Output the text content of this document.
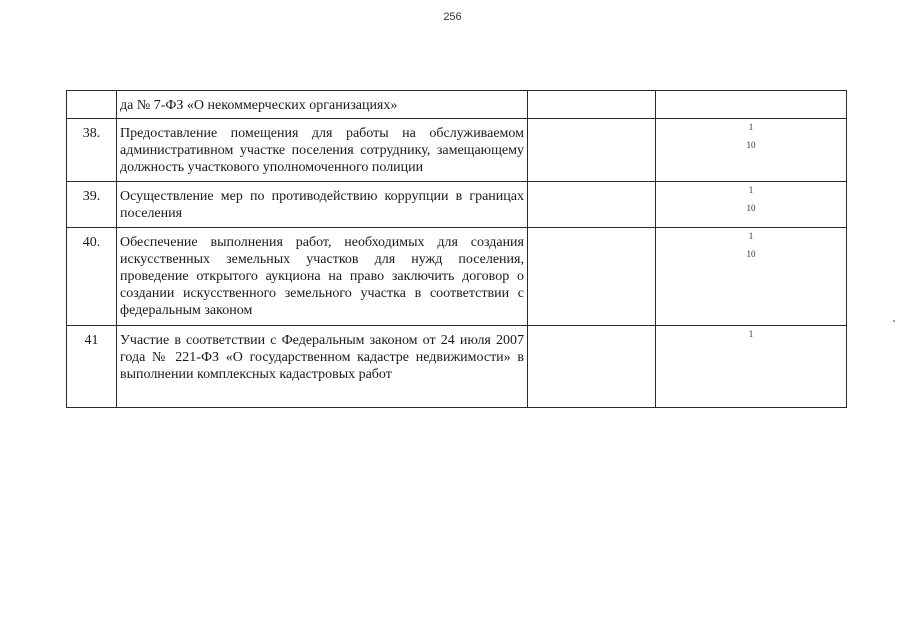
256

	да № 7-ФЗ «О некоммерческих организациях»		

38.	Предоставление помещения для работы на обслуживаемом административном участке поселения сотруднику, замещающему должность участкового уполномоченного полиции		1
10

39.	Осуществление мер по противодействию коррупции в границах поселения		1
10

40.	Обеспечение выполнения работ, необходимых для создания искусственных земельных участков для нужд поселения, проведение открытого аукциона на право заключить договор о создании искусственного земельного участка в соответствии с федеральным законом		1
10

41	Участие в соответствии с Федеральным законом от 24 июля 2007 года № 221-ФЗ «О государственном кадастре недвижимости» в выполнении комплексных кадастровых работ		1
